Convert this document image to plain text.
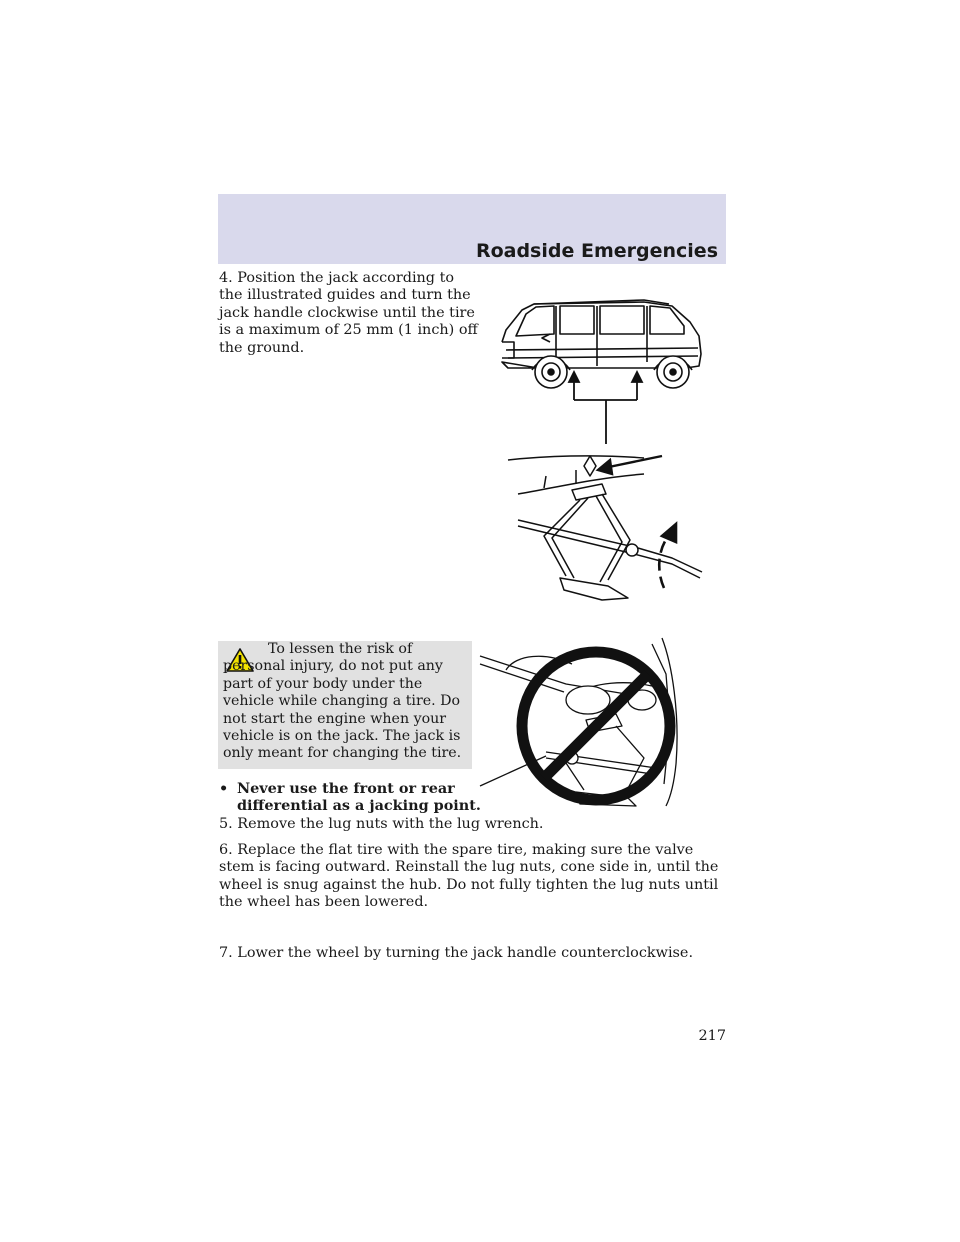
Roadside Emergencies
4. Position the jack according to the illustrated guides and turn the jack handle clockwise until the tire is a maximum of 25 mm (1 inch) off the ground.
To lessen the risk of personal injury, do not put any part of your body under the vehicle while changing a tire. Do not start the engine when your vehicle is on the jack. The jack is only meant for changing the tire.
• Never use the front or rear differential as a jacking point.
5. Remove the lug nuts with the lug wrench.
6. Replace the flat tire with the spare tire, making sure the valve stem is facing outward. Reinstall the lug nuts, cone side in, until the wheel is snug against the hub. Do not fully tighten the lug nuts until the wheel has been lowered.
7. Lower the wheel by turning the jack handle counterclockwise.
217
